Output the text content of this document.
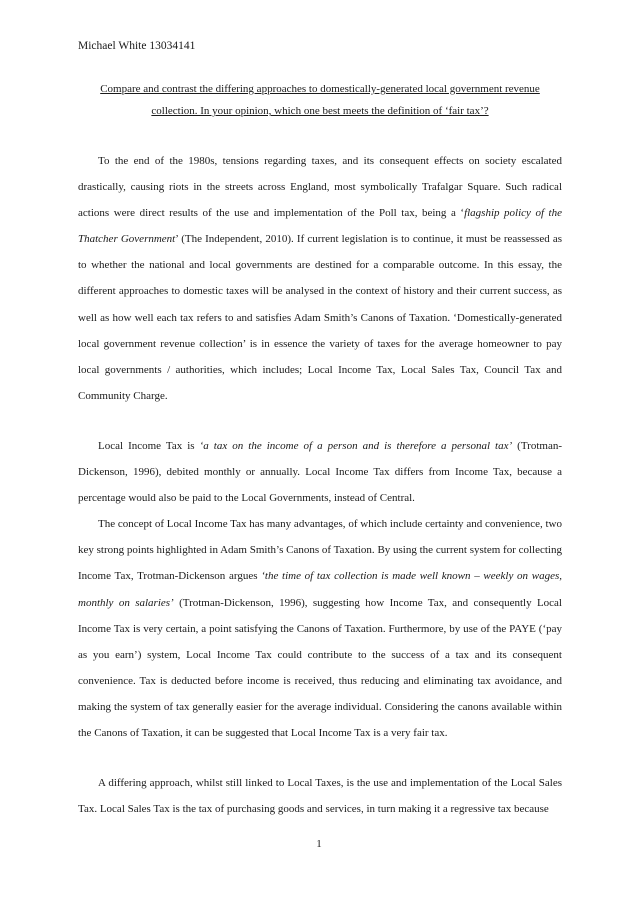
Michael White 13034141
Compare and contrast the differing approaches to domestically-generated local government revenue
collection. In your opinion, which one best meets the definition of ‘fair tax’?

To the end of the 1980s, tensions regarding taxes, and its consequent effects on society escalated drastically, causing riots in the streets across England, most symbolically Trafalgar Square. Such radical actions were direct results of the use and implementation of the Poll tax, being a ‘flagship policy of the Thatcher Government’ (The Independent, 2010). If current legislation is to continue, it must be reassessed as to whether the national and local governments are destined for a comparable outcome. In this essay, the different approaches to domestic taxes will be analysed in the context of history and their current success, as well as how well each tax refers to and satisfies Adam Smith’s Canons of Taxation. ‘Domestically-generated local government revenue collection’ is in essence the variety of taxes for the average homeowner to pay local governments / authorities, which includes; Local Income Tax, Local Sales Tax, Council Tax and Community Charge.

Local Income Tax is ‘a tax on the income of a person and is therefore a personal tax’ (Trotman-Dickenson, 1996), debited monthly or annually. Local Income Tax differs from Income Tax, because a percentage would also be paid to the Local Governments, instead of Central.

The concept of Local Income Tax has many advantages, of which include certainty and convenience, two key strong points highlighted in Adam Smith’s Canons of Taxation. By using the current system for collecting Income Tax, Trotman-Dickenson argues ‘the time of tax collection is made well known – weekly on wages, monthly on salaries’ (Trotman-Dickenson, 1996), suggesting how Income Tax, and consequently Local Income Tax is very certain, a point satisfying the Canons of Taxation. Furthermore, by use of the PAYE (‘pay as you earn’) system, Local Income Tax could contribute to the success of a tax and its consequent convenience. Tax is deducted before income is received, thus reducing and eliminating tax avoidance, and making the system of tax generally easier for the average individual. Considering the canons available within the Canons of Taxation, it can be suggested that Local Income Tax is a very fair tax.

A differing approach, whilst still linked to Local Taxes, is the use and implementation of the Local Sales Tax. Local Sales Tax is the tax of purchasing goods and services, in turn making it a regressive tax because

1
